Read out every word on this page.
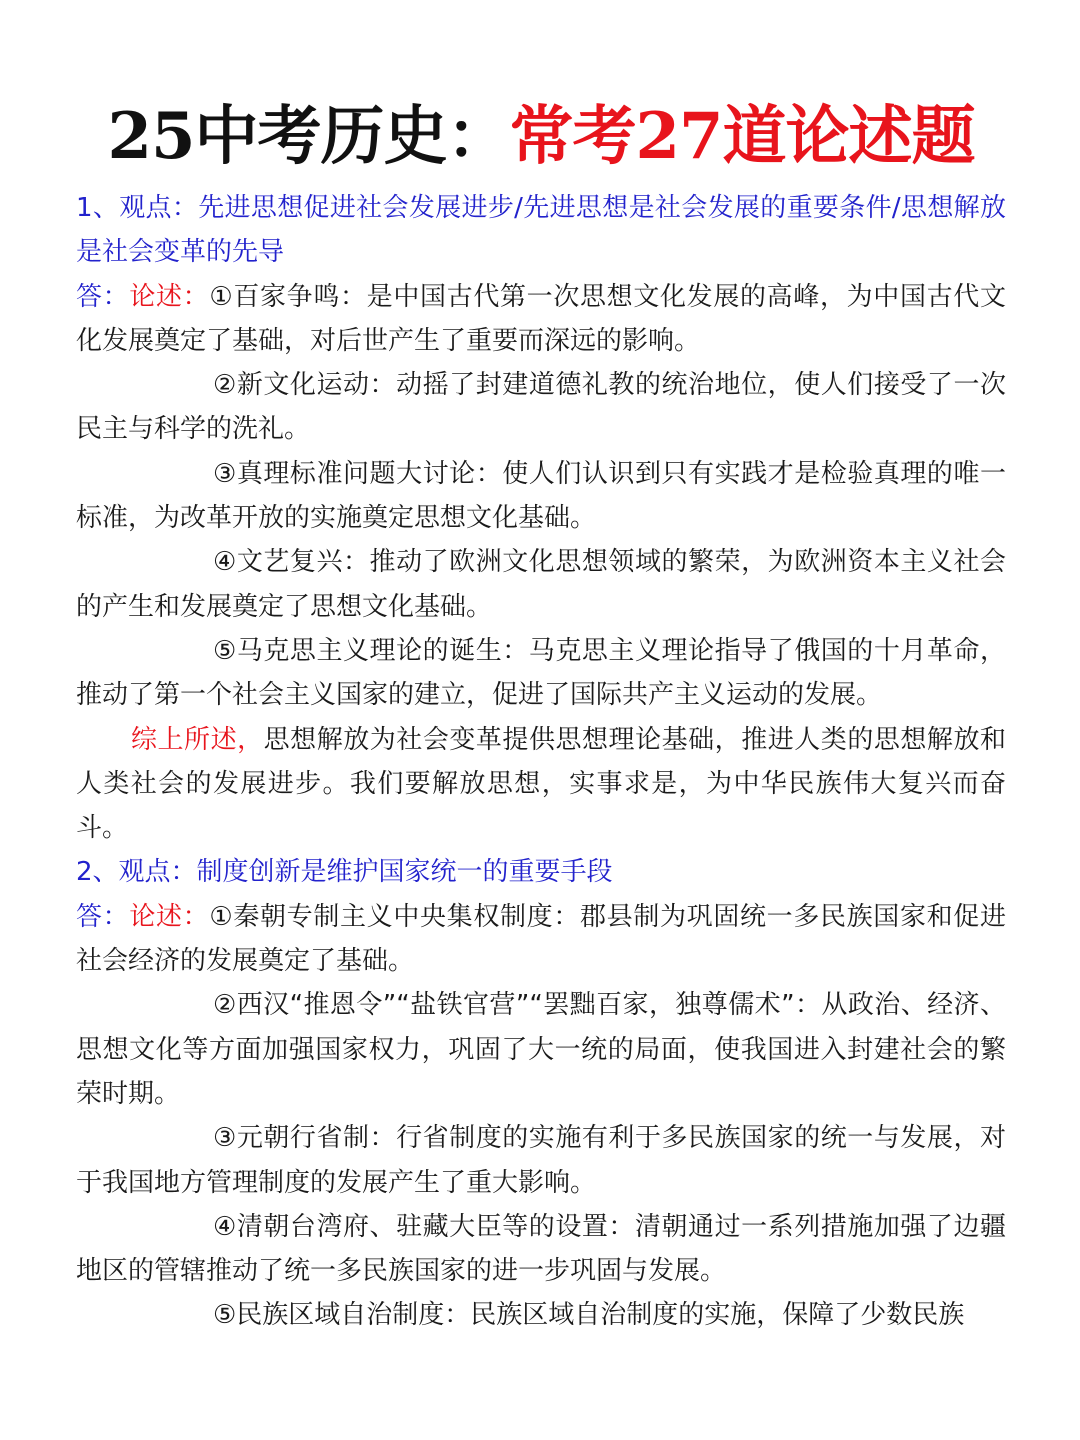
25中考历史：常考27道论述题

1、观点：先进思想促进社会发展进步/先进思想是社会发展的重要条件/思想解放是社会变革的先导

答：论述：①百家争鸣：是中国古代第一次思想文化发展的高峰，为中国古代文化发展奠定了基础，对后世产生了重要而深远的影响。

②新文化运动：动摇了封建道德礼教的统治地位，使人们接受了一次民主与科学的洗礼。

③真理标准问题大讨论：使人们认识到只有实践才是检验真理的唯一标准，为改革开放的实施奠定思想文化基础。

④文艺复兴：推动了欧洲文化思想领域的繁荣，为欧洲资本主义社会的产生和发展奠定了思想文化基础。

⑤马克思主义理论的诞生：马克思主义理论指导了俄国的十月革命，推动了第一个社会主义国家的建立，促进了国际共产主义运动的发展。

综上所述，思想解放为社会变革提供思想理论基础，推进人类的思想解放和人类社会的发展进步。我们要解放思想，实事求是，为中华民族伟大复兴而奋斗。

2、观点：制度创新是维护国家统一的重要手段

答：论述：①秦朝专制主义中央集权制度：郡县制为巩固统一多民族国家和促进社会经济的发展奠定了基础。

②西汉“推恩令”“盐铁官营”“罢黜百家，独尊儒术”：从政治、经济、思想文化等方面加强国家权力，巩固了大一统的局面，使我国进入封建社会的繁荣时期。

③元朝行省制：行省制度的实施有利于多民族国家的统一与发展，对于我国地方管理制度的发展产生了重大影响。

④清朝台湾府、驻藏大臣等的设置：清朝通过一系列措施加强了边疆地区的管辖推动了统一多民族国家的进一步巩固与发展。

⑤民族区域自治制度：民族区域自治制度的实施，保障了少数民族
